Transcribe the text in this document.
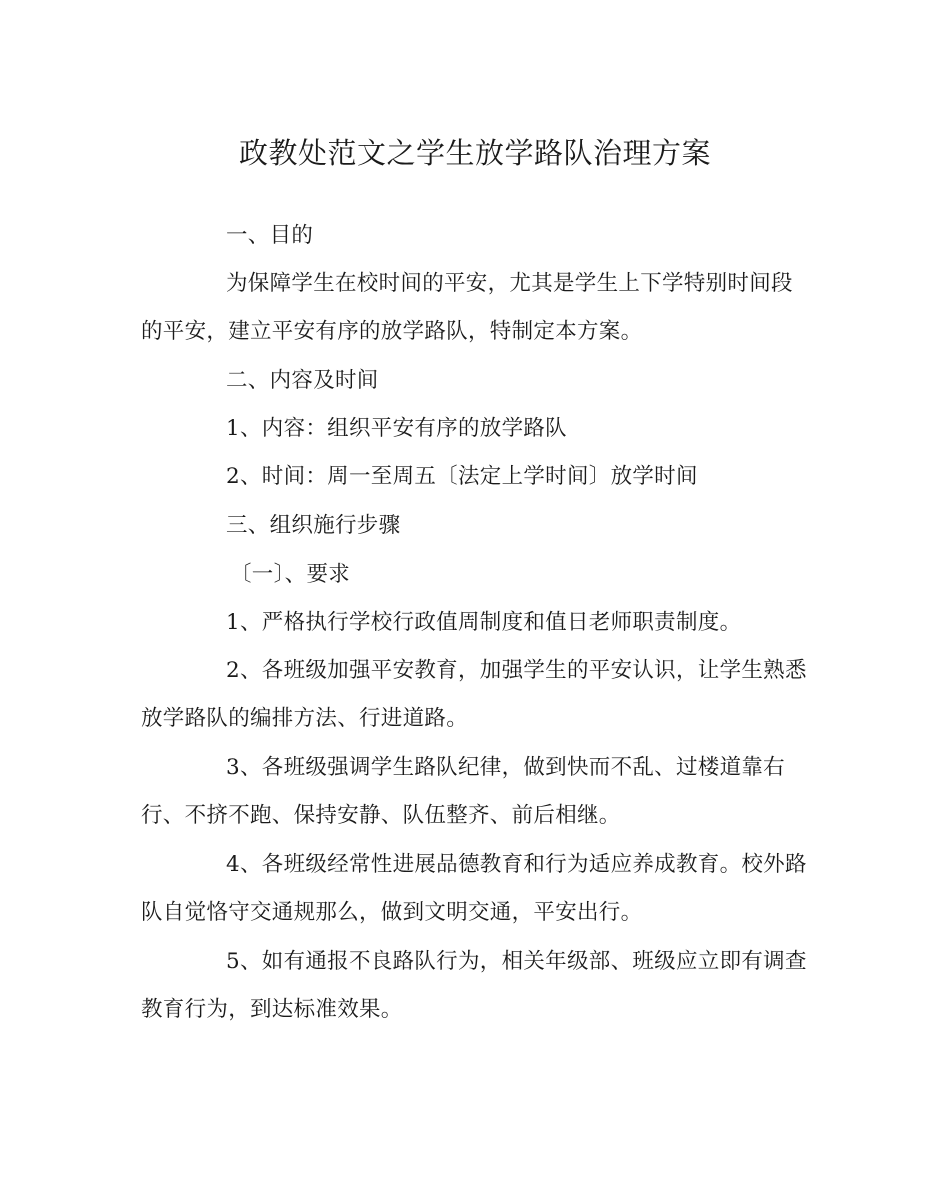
政教处范文之学生放学路队治理方案
一、目的
为保障学生在校时间的平安，尤其是学生上下学特别时间段
的平安，建立平安有序的放学路队，特制定本方案。
二、内容及时间
1、内容：组织平安有序的放学路队
2、时间：周一至周五〔法定上学时间〕放学时间
三、组织施行步骤
〔一〕、要求
1、严格执行学校行政值周制度和值日老师职责制度。
2、各班级加强平安教育，加强学生的平安认识，让学生熟悉
放学路队的编排方法、行进道路。
3、各班级强调学生路队纪律，做到快而不乱、过楼道靠右
行、不挤不跑、保持安静、队伍整齐、前后相继。
4、各班级经常性进展品德教育和行为适应养成教育。校外路
队自觉恪守交通规那么，做到文明交通，平安出行。
5、如有通报不良路队行为，相关年级部、班级应立即有调查
教育行为，到达标准效果。
